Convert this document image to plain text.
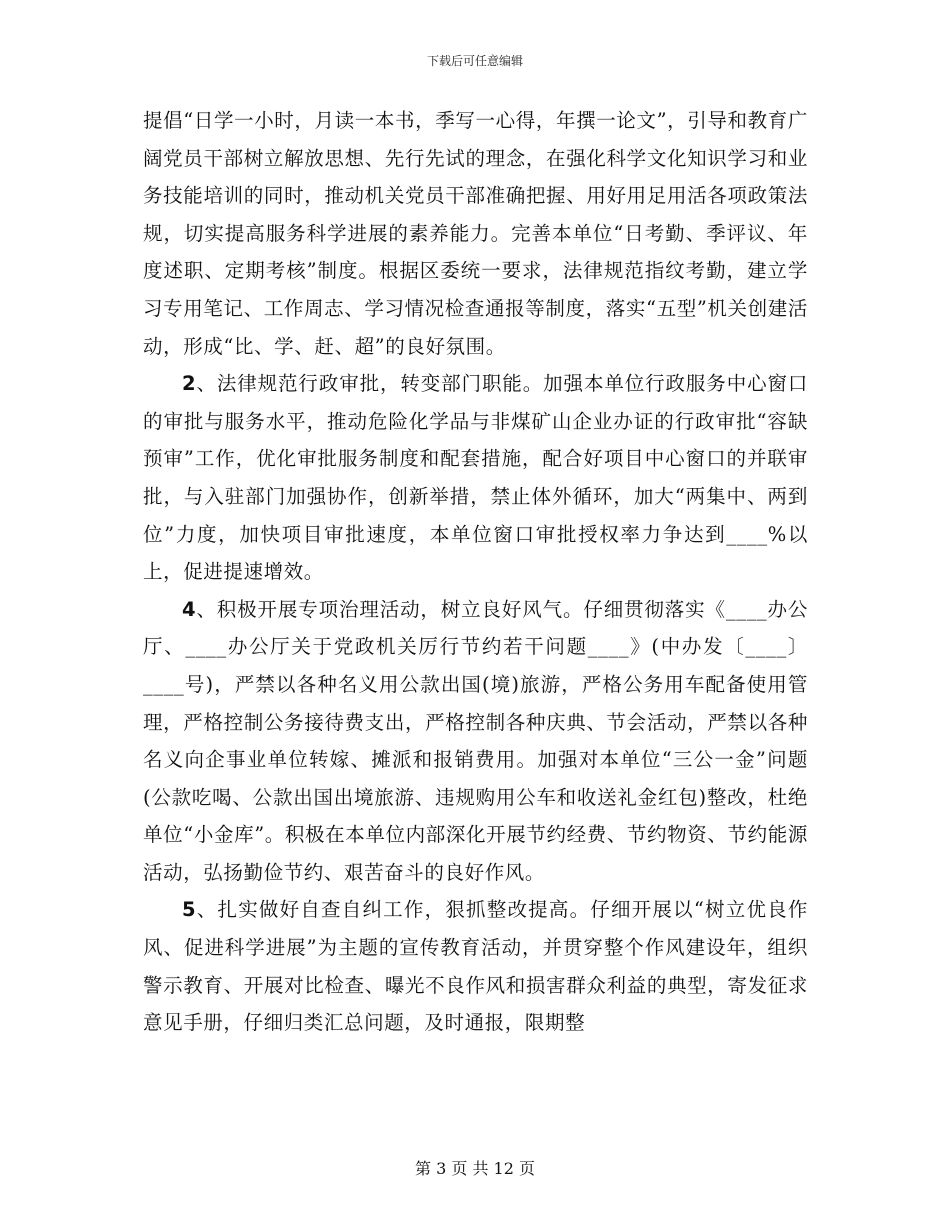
下载后可任意编辑

提倡“日学一小时，月读一本书，季写一心得，年撰一论文”，引导和教育广阔党员干部树立解放思想、先行先试的理念，在强化科学文化知识学习和业务技能培训的同时，推动机关党员干部准确把握、用好用足用活各项政策法规，切实提高服务科学进展的素养能力。完善本单位“日考勤、季评议、年度述职、定期考核”制度。根据区委统一要求，法律规范指纹考勤，建立学习专用笔记、工作周志、学习情况检查通报等制度，落实“五型”机关创建活动，形成“比、学、赶、超”的良好氛围。

2、法律规范行政审批，转变部门职能。加强本单位行政服务中心窗口的审批与服务水平，推动危险化学品与非煤矿山企业办证的行政审批“容缺预审”工作，优化审批服务制度和配套措施，配合好项目中心窗口的并联审批，与入驻部门加强协作，创新举措，禁止体外循环，加大“两集中、两到位”力度，加快项目审批速度，本单位窗口审批授权率力争达到____%以上，促进提速增效。

4、积极开展专项治理活动，树立良好风气。仔细贯彻落实《____办公厅、____办公厅关于党政机关厉行节约若干问题____》(中办发〔____〕____号)，严禁以各种名义用公款出国(境)旅游，严格公务用车配备使用管理，严格控制公务接待费支出，严格控制各种庆典、节会活动，严禁以各种名义向企事业单位转嫁、摊派和报销费用。加强对本单位“三公一金”问题(公款吃喝、公款出国出境旅游、违规购用公车和收送礼金红包)整改，杜绝单位“小金库”。积极在本单位内部深化开展节约经费、节约物资、节约能源活动，弘扬勤俭节约、艰苦奋斗的良好作风。

5、扎实做好自查自纠工作，狠抓整改提高。仔细开展以“树立优良作风、促进科学进展”为主题的宣传教育活动，并贯穿整个作风建设年，组织警示教育、开展对比检查、曝光不良作风和损害群众利益的典型，寄发征求意见手册，仔细归类汇总问题，及时通报，限期整

第 3 页 共 12 页
